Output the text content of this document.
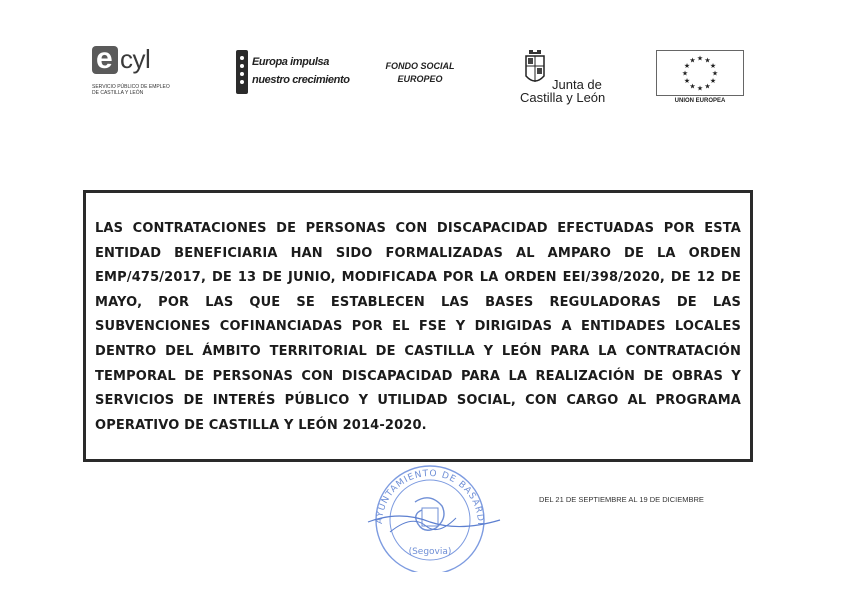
e cyl
SERVICIO PÚBLICO DE EMPLEO
DE CASTILLA Y LEÓN
Europa impulsa
nuestro crecimiento
FONDO SOCIAL
EUROPEO	Junta de
Castilla y León
★ ★
★
★
★
★
★
★
★
★
★
★
UNION EUROPEA

LAS CONTRATACIONES DE PERSONAS CON DISCAPACIDAD EFECTUADAS POR ESTA ENTIDAD BENEFICIARIA HAN SIDO FORMALIZADAS AL AMPARO DE LA ORDEN EMP/475/2017, DE 13 DE JUNIO, MODIFICADA POR LA ORDEN EEI/398/2020, DE 12 DE MAYO, POR LAS QUE SE ESTABLECEN LAS BASES REGULADORAS DE LAS SUBVENCIONES COFINANCIADAS POR EL FSE Y DIRIGIDAS A ENTIDADES LOCALES DENTRO DEL ÁMBITO TERRITORIAL DE CASTILLA Y LEÓN PARA LA CONTRATACIÓN TEMPORAL DE PERSONAS CON DISCAPACIDAD PARA LA REALIZACIÓN DE OBRAS Y SERVICIOS DE INTERÉS PÚBLICO Y UTILIDAD SOCIAL, CON CARGO AL PROGRAMA OPERATIVO DE CASTILLA Y LEÓN 2014-2020.

AYUNTAMIENTO DE BASARDI
(Segovia)
DEL 21 DE SEPTIEMBRE AL 19 DE DICIEMBRE
